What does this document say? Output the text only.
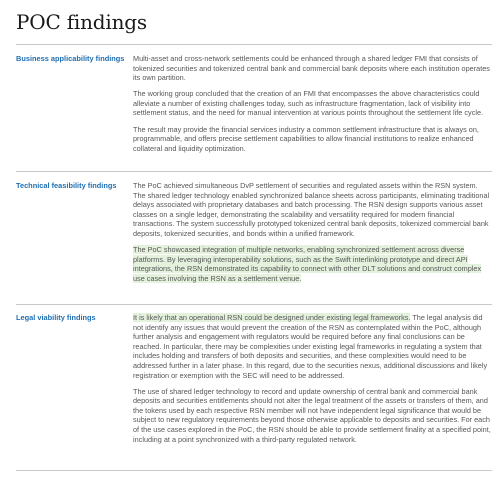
POC findings
Business applicability findings	Multi-asset and cross-network settlements could be enhanced through a shared ledger FMI that consists of tokenized securities and tokenized central bank and commercial bank deposits where each institution operates its own partition.

The working group concluded that the creation of an FMI that encompasses the above characteristics could alleviate a number of existing challenges today, such as infrastructure fragmentation, lack of visibility into settlement status, and the need for manual intervention at various points throughout the settlement life cycle.

The result may provide the financial services industry a common settlement infrastructure that is always on, programmable, and offers precise settlement capabilities to allow financial institutions to realize enhanced collateral and liquidity optimization.

Technical feasibility findings	The PoC achieved simultaneous DvP settlement of securities and regulated assets within the RSN system. The shared ledger technology enabled synchronized balance sheets across participants, eliminating traditional delays associated with proprietary databases and batch processing. The RSN design supports various asset classes on a single ledger, demonstrating the scalability and versatility required for modern financial transactions. The system successfully prototyped tokenized central bank deposits, tokenized commercial bank deposits, tokenized securities, and bonds within a unified framework.

The PoC showcased integration of multiple networks, enabling synchronized settlement across diverse platforms. By leveraging interoperability solutions, such as the Swift interlinking prototype and direct API integrations, the RSN demonstrated its capability to connect with other DLT solutions and construct complex use cases involving the RSN as a settlement venue.

Legal viability findings	It is likely that an operational RSN could be designed under existing legal frameworks. The legal analysis did not identify any issues that would prevent the creation of the RSN as contemplated within the PoC, although further analysis and engagement with regulators would be required before any final conclusions can be reached. In particular, there may be complexities under existing legal frameworks in regulating a system that includes holding and transfers of both deposits and securities, and these complexities would need to be addressed further in a later phase. In this regard, due to the securities nexus, additional discussions and likely registration or exemption with the SEC will need to be addressed.

The use of shared ledger technology to record and update ownership of central bank and commercial bank deposits and securities entitlements should not alter the legal treatment of the assets or transfers of them, and the tokens used by each respective RSN member will not have independent legal significance that would be subject to new regulatory requirements beyond those otherwise applicable to deposits and securities. For each of the use cases explored in the PoC, the RSN should be able to provide settlement finality at a specified point, including at a point synchronized with a third-party regulated network.
